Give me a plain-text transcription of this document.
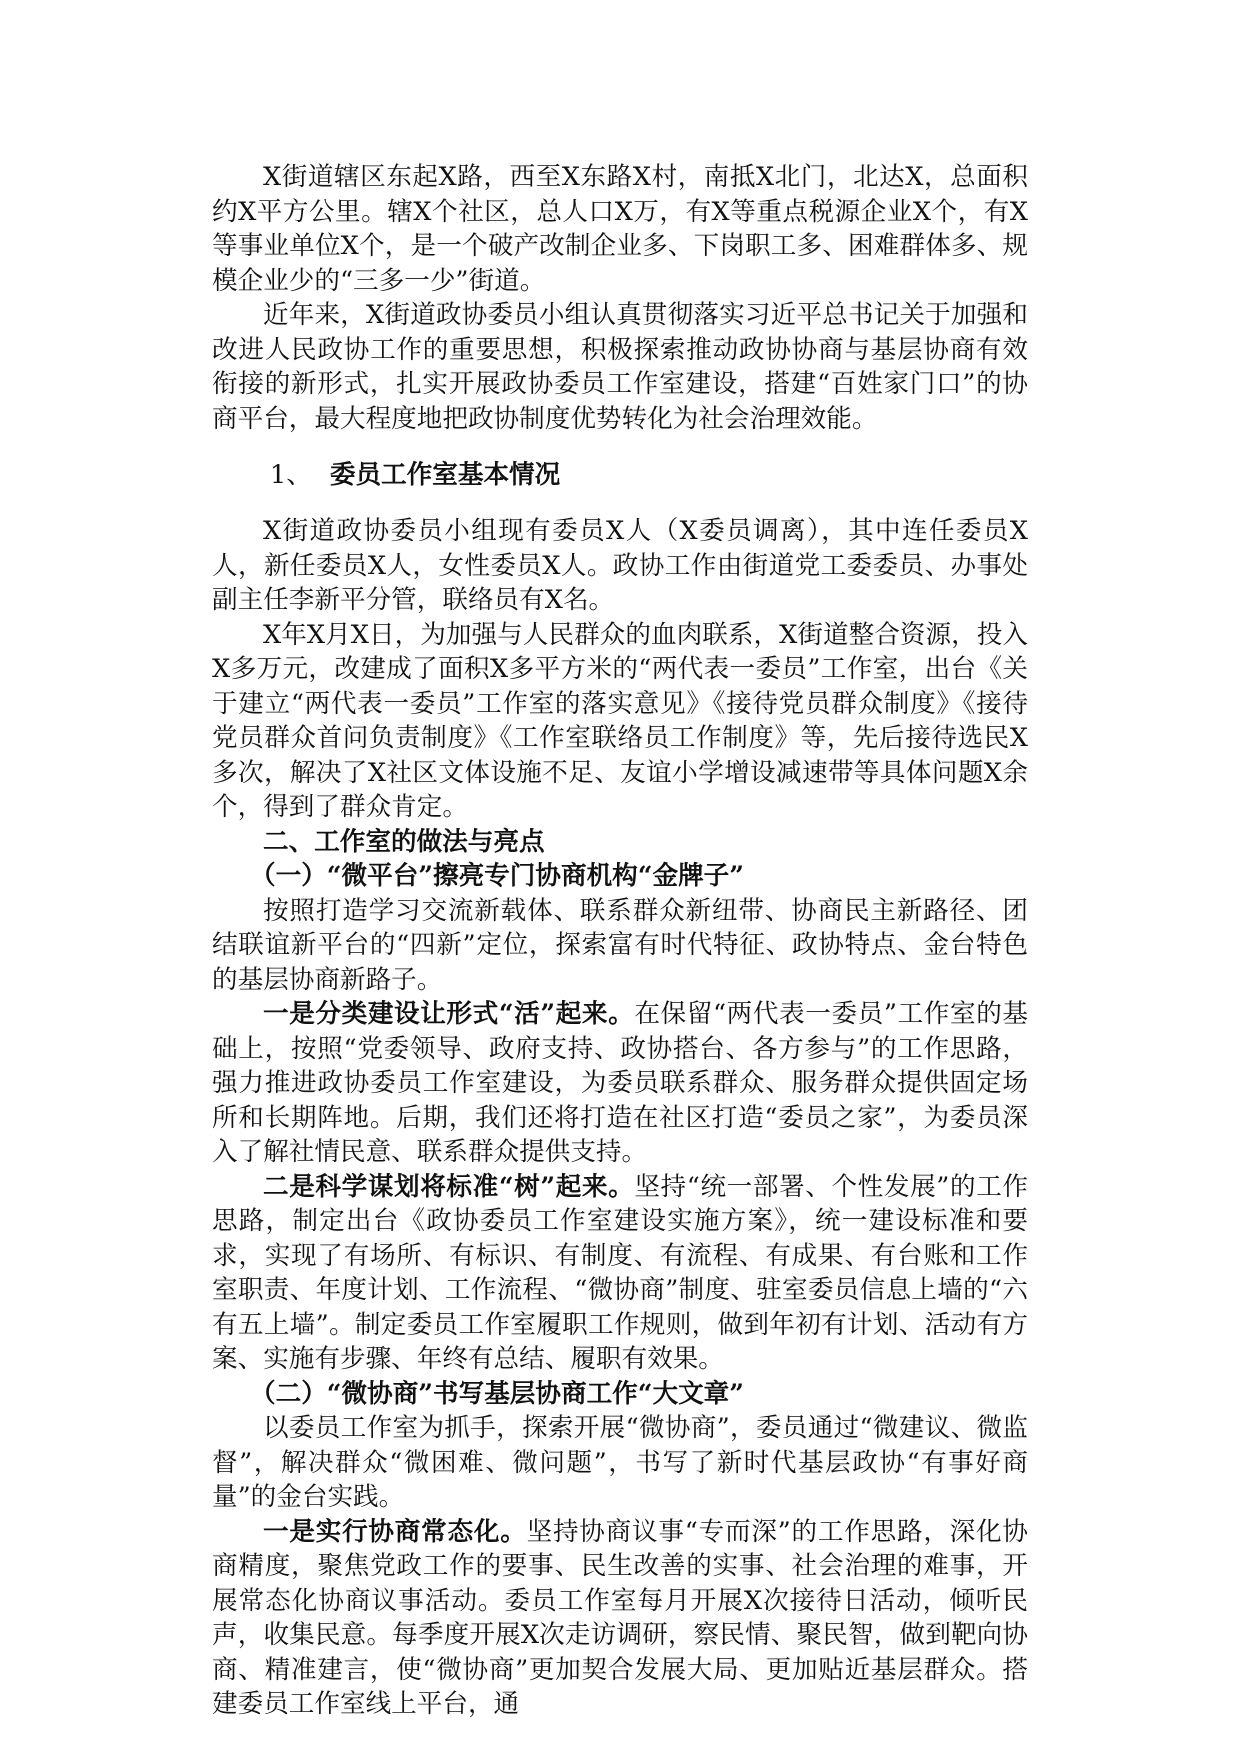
X街道辖区东起X路，西至X东路X村，南抵X北门，北达X，总面积约X平方公里。辖X个社区，总人口X万，有X等重点税源企业X个，有X等事业单位X个，是一个破产改制企业多、下岗职工多、困难群体多、规模企业少的“三多一少”街道。

近年来，X街道政协委员小组认真贯彻落实习近平总书记关于加强和改进人民政协工作的重要思想，积极探索推动政协协商与基层协商有效衔接的新形式，扎实开展政协委员工作室建设，搭建“百姓家门口”的协商平台，最大程度地把政协制度优势转化为社会治理效能。

1、 委员工作室基本情况

X街道政协委员小组现有委员X人（X委员调离），其中连任委员X人，新任委员X人，女性委员X人。政协工作由街道党工委委员、办事处副主任李新平分管，联络员有X名。

X年X月X日，为加强与人民群众的血肉联系，X街道整合资源，投入X多万元，改建成了面积X多平方米的“两代表一委员”工作室，出台《关于建立“两代表一委员”工作室的落实意见》《接待党员群众制度》《接待党员群众首问负责制度》《工作室联络员工作制度》等，先后接待选民X多次，解决了X社区文体设施不足、友谊小学增设减速带等具体问题X余个，得到了群众肯定。

二、工作室的做法与亮点

（一）“微平台”擦亮专门协商机构“金牌子”

按照打造学习交流新载体、联系群众新纽带、协商民主新路径、团结联谊新平台的“四新”定位，探索富有时代特征、政协特点、金台特色的基层协商新路子。

一是分类建设让形式“活”起来。在保留“两代表一委员”工作室的基础上，按照“党委领导、政府支持、政协搭台、各方参与”的工作思路，强力推进政协委员工作室建设，为委员联系群众、服务群众提供固定场所和长期阵地。后期，我们还将打造在社区打造“委员之家”，为委员深入了解社情民意、联系群众提供支持。

二是科学谋划将标准“树”起来。坚持“统一部署、个性发展”的工作思路，制定出台《政协委员工作室建设实施方案》，统一建设标准和要求，实现了有场所、有标识、有制度、有流程、有成果、有台账和工作室职责、年度计划、工作流程、“微协商”制度、驻室委员信息上墙的“六有五上墙”。制定委员工作室履职工作规则，做到年初有计划、活动有方案、实施有步骤、年终有总结、履职有效果。

（二）“微协商”书写基层协商工作“大文章”

以委员工作室为抓手，探索开展“微协商”，委员通过“微建议、微监督”，解决群众“微困难、微问题”，书写了新时代基层政协“有事好商量”的金台实践。

一是实行协商常态化。坚持协商议事“专而深”的工作思路，深化协商精度，聚焦党政工作的要事、民生改善的实事、社会治理的难事，开展常态化协商议事活动。委员工作室每月开展X次接待日活动，倾听民声，收集民意。每季度开展X次走访调研，察民情、聚民智，做到靶向协商、精准建言，使“微协商”更加契合发展大局、更加贴近基层群众。搭建委员工作室线上平台，通
